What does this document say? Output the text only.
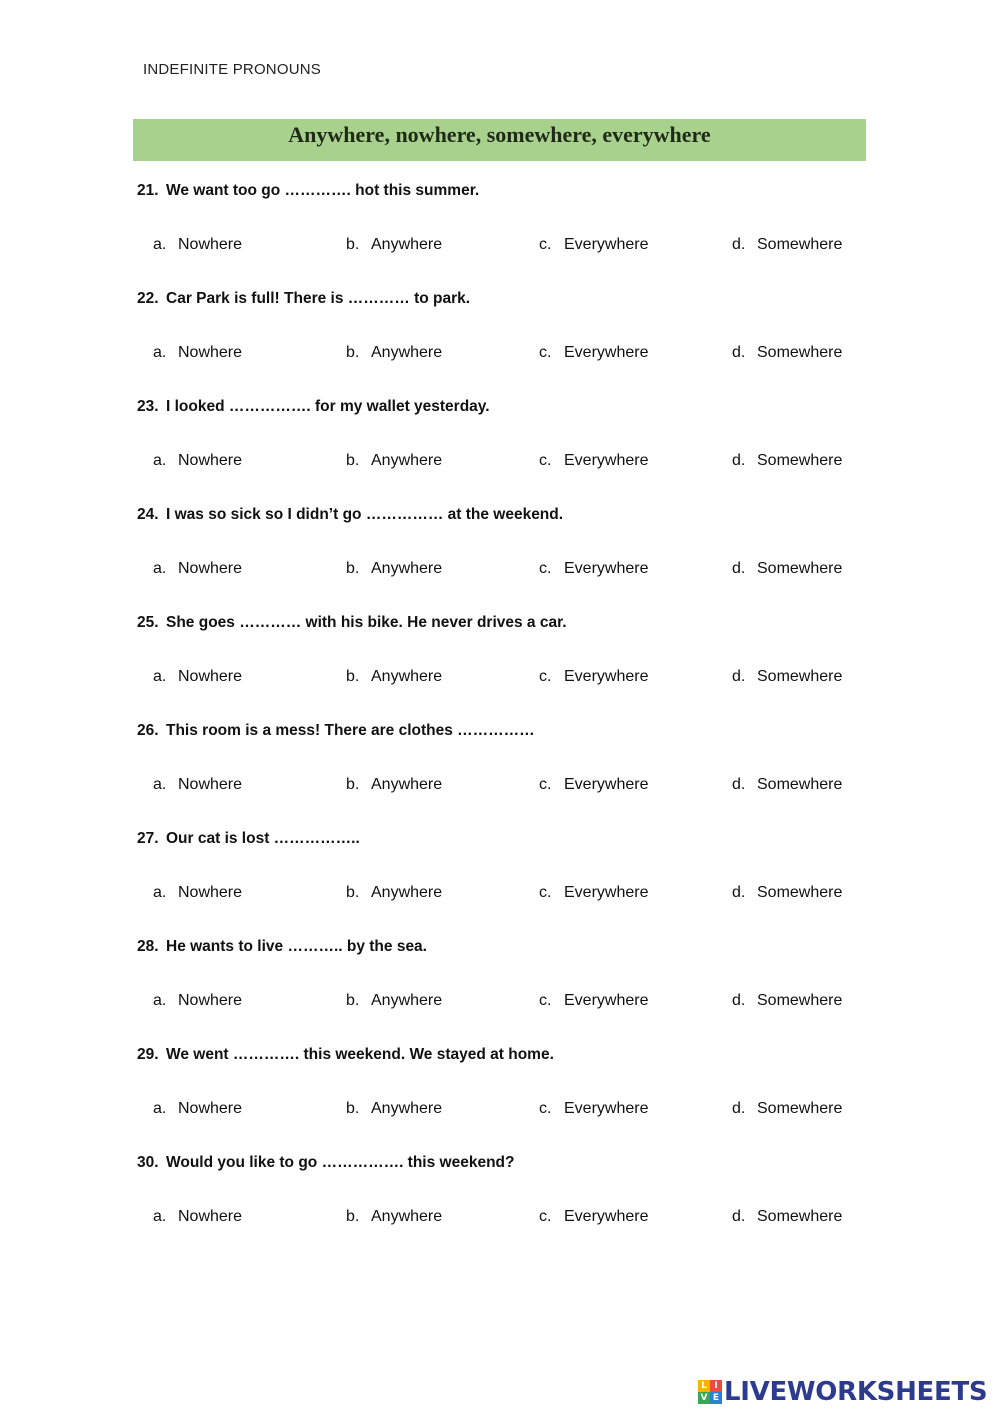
INDEFINITE PRONOUNS
Anywhere, nowhere, somewhere, everywhere
21. We want too go …………. hot this summer.
a. Nowhere	b. Anywhere	c. Everywhere	d. Somewhere
22. Car Park is full! There is ………… to park.
a. Nowhere	b. Anywhere	c. Everywhere	d. Somewhere
23. I looked ……………. for my wallet yesterday.
a. Nowhere	b. Anywhere	c. Everywhere	d. Somewhere
24. I was so sick so I didn’t go …………… at the weekend.
a. Nowhere	b. Anywhere	c. Everywhere	d. Somewhere
25. She goes ………… with his bike. He never drives a car.
a. Nowhere	b. Anywhere	c. Everywhere	d. Somewhere
26. This room is a mess! There are clothes ……………
a. Nowhere	b. Anywhere	c. Everywhere	d. Somewhere
27. Our cat is lost ……………..
a. Nowhere	b. Anywhere	c. Everywhere	d. Somewhere
28. He wants to live ……….. by the sea.
a. Nowhere	b. Anywhere	c. Everywhere	d. Somewhere
29. We went …………. this weekend. We stayed at home.
a. Nowhere	b. Anywhere	c. Everywhere	d. Somewhere
30. Would you like to go ……………. this weekend?
a. Nowhere	b. Anywhere	c. Everywhere	d. Somewhere
L I
V E LIVEWORKSHEETS
